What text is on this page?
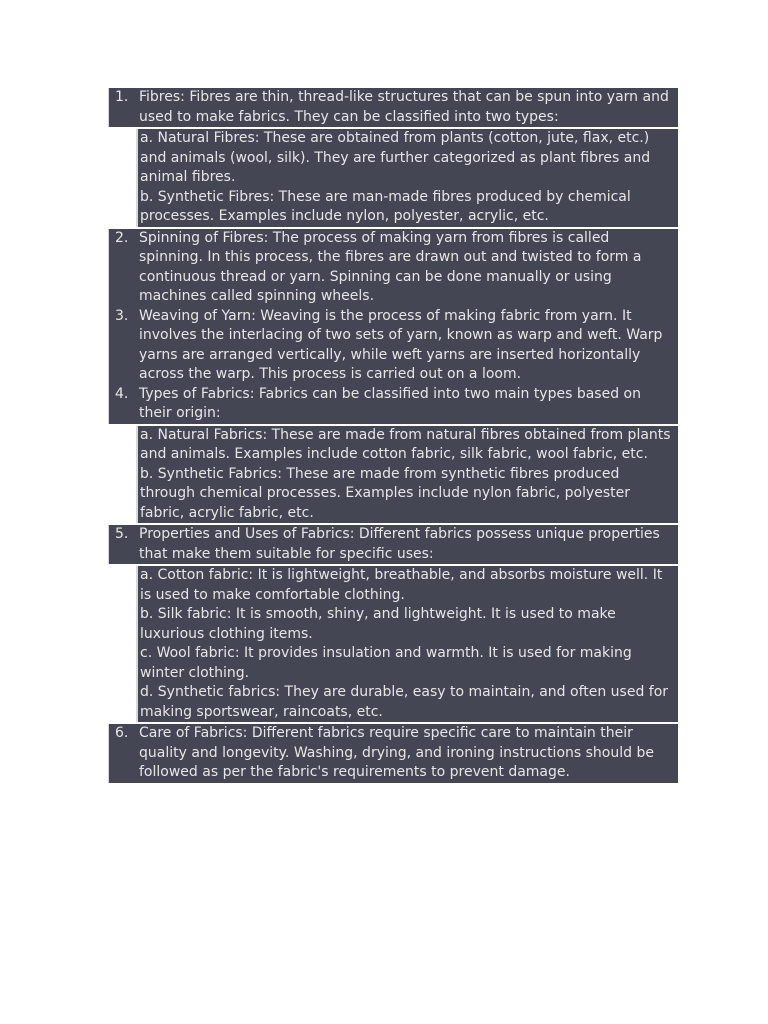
1. Fibres: Fibres are thin, thread-like structures that can be spun into yarn and used to make fabrics. They can be classified into two types:
a. Natural Fibres: These are obtained from plants (cotton, jute, flax, etc.) and animals (wool, silk). They are further categorized as plant fibres and animal fibres.
b. Synthetic Fibres: These are man-made fibres produced by chemical processes. Examples include nylon, polyester, acrylic, etc.
2. Spinning of Fibres: The process of making yarn from fibres is called spinning. In this process, the fibres are drawn out and twisted to form a continuous thread or yarn. Spinning can be done manually or using machines called spinning wheels.
3. Weaving of Yarn: Weaving is the process of making fabric from yarn. It involves the interlacing of two sets of yarn, known as warp and weft. Warp yarns are arranged vertically, while weft yarns are inserted horizontally across the warp. This process is carried out on a loom.
4. Types of Fabrics: Fabrics can be classified into two main types based on their origin:
a. Natural Fabrics: These are made from natural fibres obtained from plants and animals. Examples include cotton fabric, silk fabric, wool fabric, etc.
b. Synthetic Fabrics: These are made from synthetic fibres produced through chemical processes. Examples include nylon fabric, polyester fabric, acrylic fabric, etc.
5. Properties and Uses of Fabrics: Different fabrics possess unique properties that make them suitable for specific uses:
a. Cotton fabric: It is lightweight, breathable, and absorbs moisture well. It is used to make comfortable clothing.
b. Silk fabric: It is smooth, shiny, and lightweight. It is used to make luxurious clothing items.
c. Wool fabric: It provides insulation and warmth. It is used for making winter clothing.
d. Synthetic fabrics: They are durable, easy to maintain, and often used for making sportswear, raincoats, etc.
6. Care of Fabrics: Different fabrics require specific care to maintain their quality and longevity. Washing, drying, and ironing instructions should be followed as per the fabric's requirements to prevent damage.
